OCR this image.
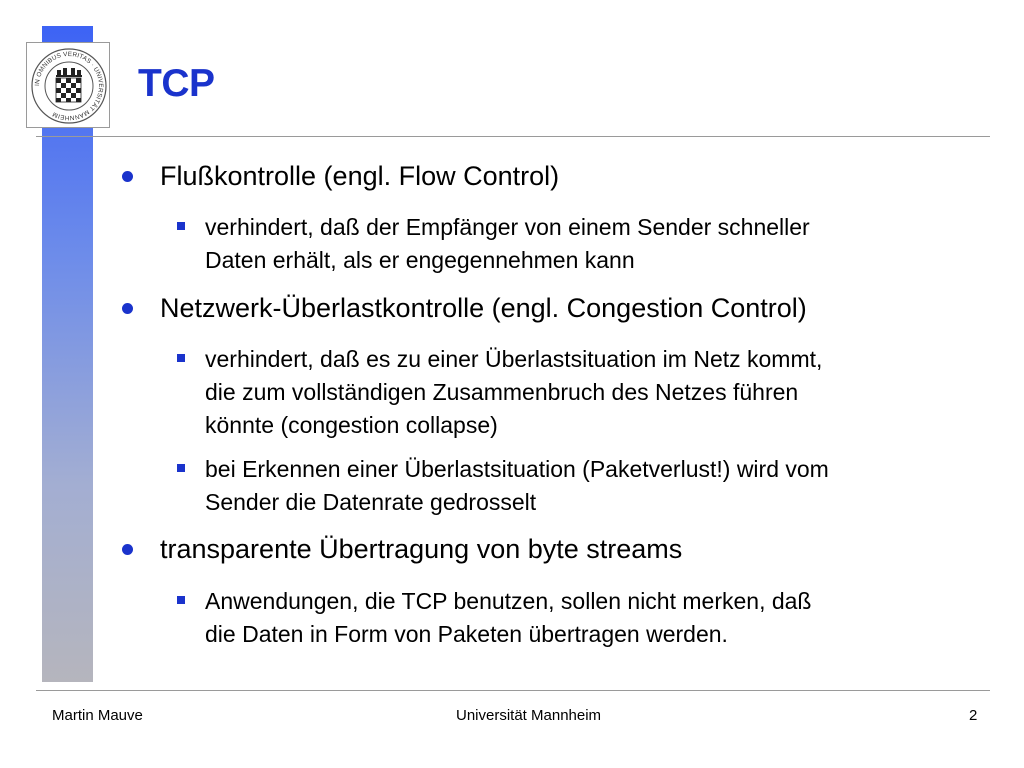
IN OMNIBUS VERITAS · UNIVERSITÄT MANNHEIM
TCP
Flußkontrolle (engl. Flow Control)
verhindert, daß der Empfänger von einem Sender schneller
Daten erhält, als er engegennehmen kann
Netzwerk-Überlastkontrolle (engl. Congestion Control)
verhindert, daß es zu einer Überlastsituation im Netz kommt,
die zum vollständigen Zusammenbruch des Netzes führen
könnte (congestion collapse)
bei Erkennen einer Überlastsituation (Paketverlust!) wird vom
Sender die Datenrate gedrosselt
transparente Übertragung von byte streams
Anwendungen, die TCP benutzen, sollen nicht merken, daß
die Daten in Form von Paketen übertragen werden.
Martin Mauve	Universität Mannheim	2
